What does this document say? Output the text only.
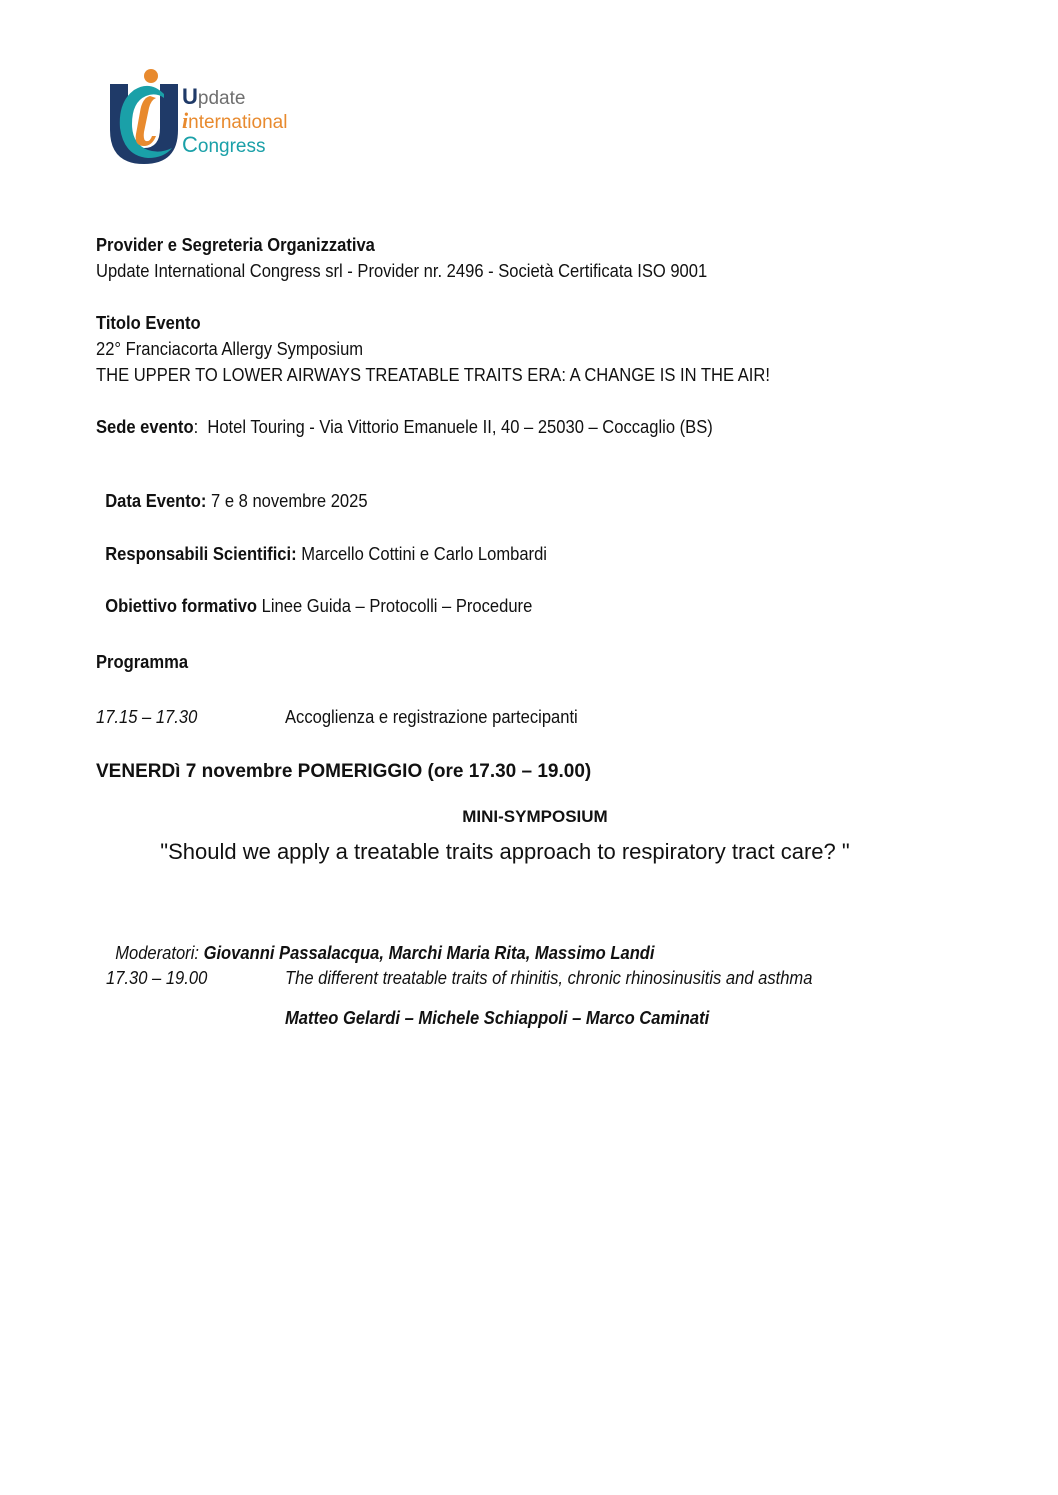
Update
international
Congress
Provider e Segreteria Organizzativa
Update International Congress srl - Provider nr. 2496 - Società Certificata ISO 9001
Titolo Evento
22° Franciacorta Allergy Symposium
THE UPPER TO LOWER AIRWAYS TREATABLE TRAITS ERA: A CHANGE IS IN THE AIR!
Sede evento:  Hotel Touring - Via Vittorio Emanuele II, 40 – 25030 – Coccaglio (BS)

Data Evento: 7 e 8 novembre 2025

Responsabili Scientifici: Marcello Cottini e Carlo Lombardi

Obiettivo formativo Linee Guida – Protocolli – Procedure

Programma
17.15 – 17.30	Accoglienza e registrazione partecipanti
VENERDì 7 novembre POMERIGGIO (ore 17.30 – 19.00)
MINI-SYMPOSIUM
"Should we apply a treatable traits approach to respiratory tract care? "

Moderatori: Giovanni Passalacqua, Marchi Maria Rita, Massimo Landi

17.30 – 19.00	The different treatable traits of rhinitis, chronic rhinosinusitis and asthma
Matteo Gelardi – Michele Schiappoli – Marco Caminati
